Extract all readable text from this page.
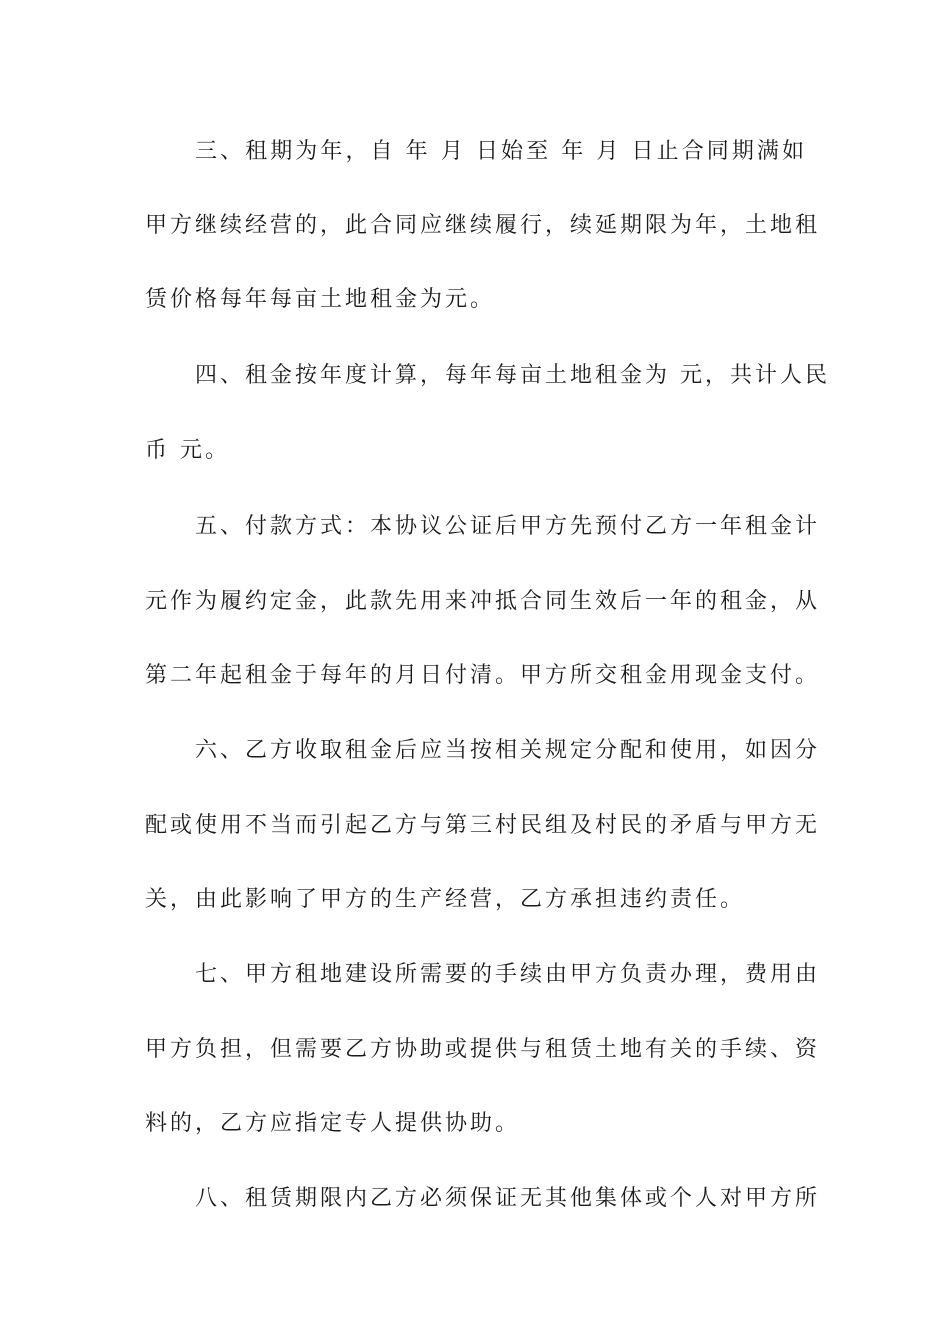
三、租期为年，自 年 月 日始至 年 月 日止合同期满如
甲方继续经营的，此合同应继续履行，续延期限为年，土地租
赁价格每年每亩土地租金为元。
四、租金按年度计算，每年每亩土地租金为 元，共计人民
币 元。
五、付款方式：本协议公证后甲方先预付乙方一年租金计
元作为履约定金，此款先用来冲抵合同生效后一年的租金，从
第二年起租金于每年的月日付清。甲方所交租金用现金支付。
六、乙方收取租金后应当按相关规定分配和使用，如因分
配或使用不当而引起乙方与第三村民组及村民的矛盾与甲方无
关，由此影响了甲方的生产经营，乙方承担违约责任。
七、甲方租地建设所需要的手续由甲方负责办理，费用由
甲方负担，但需要乙方协助或提供与租赁土地有关的手续、资
料的，乙方应指定专人提供协助。
八、租赁期限内乙方必须保证无其他集体或个人对甲方所
